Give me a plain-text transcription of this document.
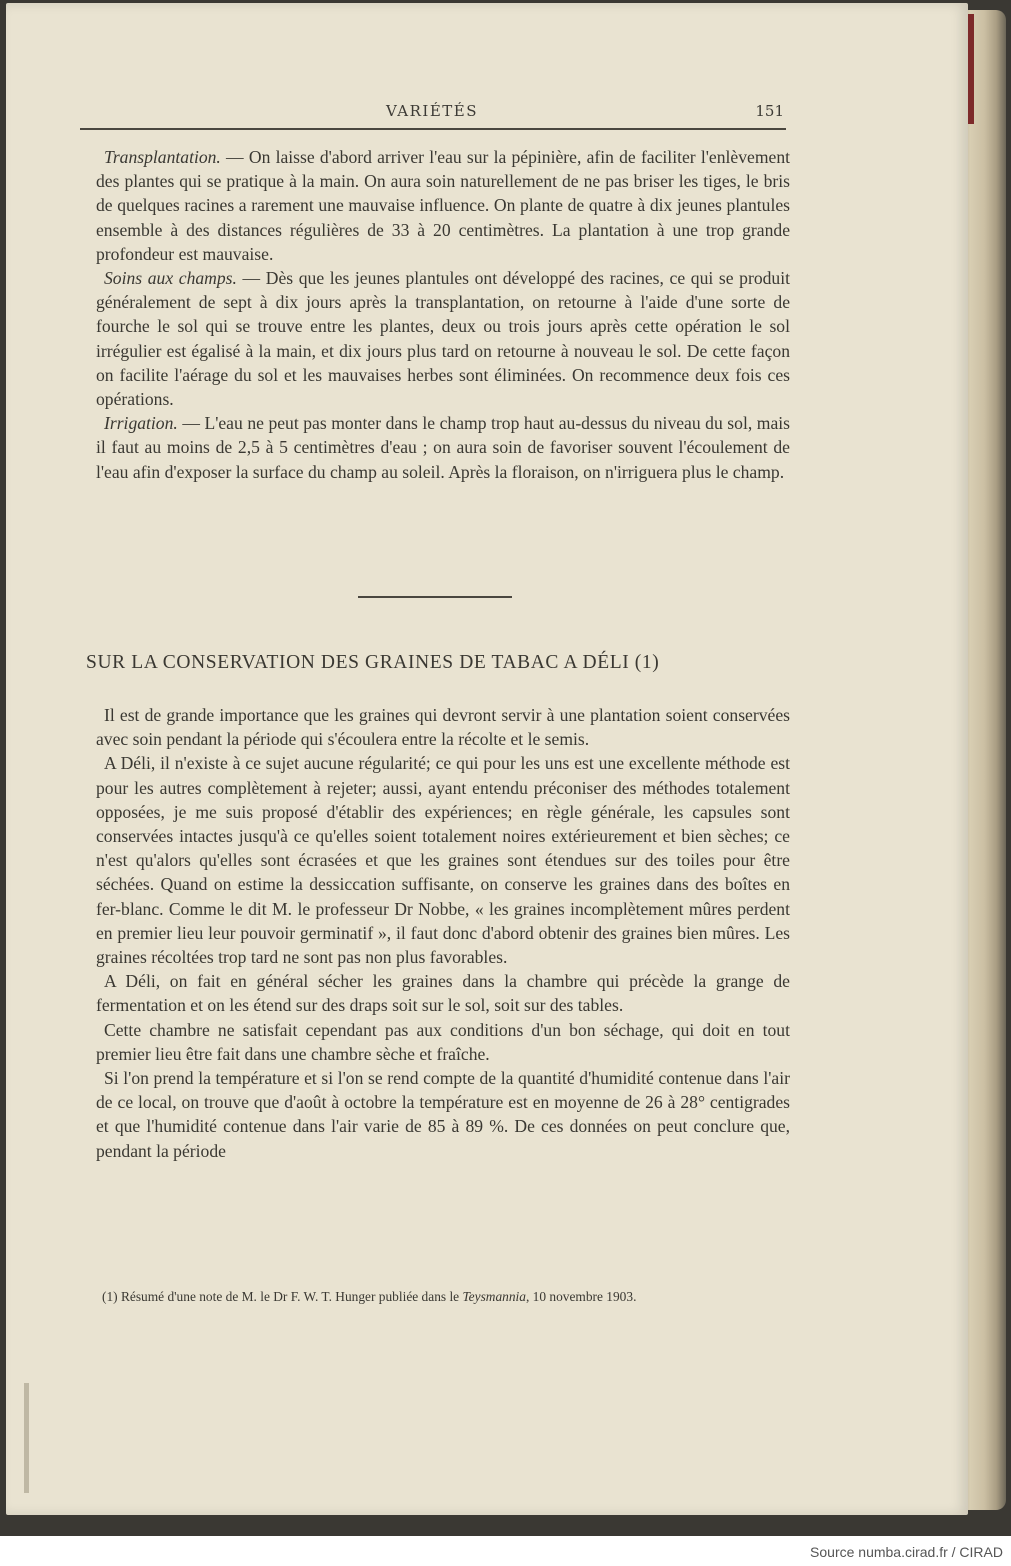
VARIÉTÉS	151

Transplantation. — On laisse d'abord arriver l'eau sur la pépinière, afin de faciliter l'enlèvement des plantes qui se pratique à la main. On aura soin naturellement de ne pas briser les tiges, le bris de quelques racines a rarement une mauvaise influence. On plante de quatre à dix jeunes plantules ensemble à des distances régulières de 33 à 20 centimètres. La plantation à une trop grande profondeur est mauvaise.

Soins aux champs. — Dès que les jeunes plantules ont développé des racines, ce qui se produit généralement de sept à dix jours après la transplantation, on retourne à l'aide d'une sorte de fourche le sol qui se trouve entre les plantes, deux ou trois jours après cette opération le sol irrégulier est égalisé à la main, et dix jours plus tard on retourne à nouveau le sol. De cette façon on facilite l'aérage du sol et les mauvaises herbes sont éliminées. On recommence deux fois ces opérations.

Irrigation. — L'eau ne peut pas monter dans le champ trop haut au-dessus du niveau du sol, mais il faut au moins de 2,5 à 5 centimètres d'eau ; on aura soin de favoriser souvent l'écoulement de l'eau afin d'exposer la surface du champ au soleil. Après la floraison, on n'irriguera plus le champ.

SUR LA CONSERVATION DES GRAINES DE TABAC A DÉLI (1)

Il est de grande importance que les graines qui devront servir à une plantation soient conservées avec soin pendant la période qui s'écoulera entre la récolte et le semis.

A Déli, il n'existe à ce sujet aucune régularité; ce qui pour les uns est une excellente méthode est pour les autres complètement à rejeter; aussi, ayant entendu préconiser des méthodes totalement opposées, je me suis proposé d'établir des expériences; en règle générale, les capsules sont conservées intactes jusqu'à ce qu'elles soient totalement noires extérieurement et bien sèches; ce n'est qu'alors qu'elles sont écrasées et que les graines sont étendues sur des toiles pour être séchées. Quand on estime la dessiccation suffisante, on conserve les graines dans des boîtes en fer-blanc. Comme le dit M. le professeur Dr Nobbe, « les graines incomplètement mûres perdent en premier lieu leur pouvoir germinatif », il faut donc d'abord obtenir des graines bien mûres. Les graines récoltées trop tard ne sont pas non plus favorables.

A Déli, on fait en général sécher les graines dans la chambre qui précède la grange de fermentation et on les étend sur des draps soit sur le sol, soit sur des tables.

Cette chambre ne satisfait cependant pas aux conditions d'un bon séchage, qui doit en tout premier lieu être fait dans une chambre sèche et fraîche.

Si l'on prend la température et si l'on se rend compte de la quantité d'humidité contenue dans l'air de ce local, on trouve que d'août à octobre la température est en moyenne de 26 à 28° centigrades et que l'humidité contenue dans l'air varie de 85 à 89 %. De ces données on peut conclure que, pendant la période

(1) Résumé d'une note de M. le Dr F. W. T. Hunger publiée dans le Teysmannia, 10 novembre 1903.
Source numba.cirad.fr / CIRAD
